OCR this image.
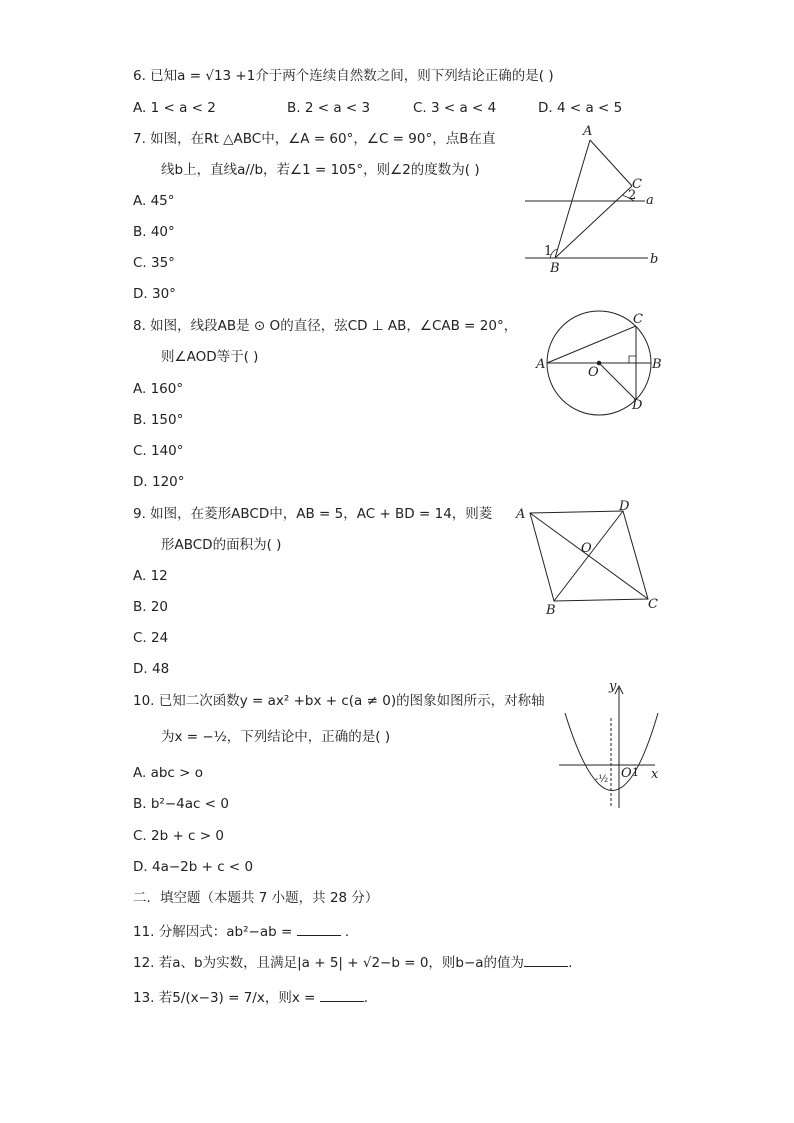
6. 已知a = √13 +1介于两个连续自然数之间，则下列结论正确的是( )
A. 1 < a < 2	B. 2 < a < 3	C. 3 < a < 4	D. 4 < a < 5
7. 如图，在Rt △ABC中，∠A = 60°，∠C = 90°，点B在直
线b上，直线a//b，若∠1 = 105°，则∠2的度数为( )
A. 45°
B. 40°
C. 35°
D. 30°
A
C
2 a
1
B
b
8. 如图，线段AB是 ⊙ O的直径，弦CD ⊥ AB，∠CAB = 20°，
则∠AOD等于( )
A. 160°
B. 150°
C. 140°
D. 120°
A
C
B
O
D
9. 如图，在菱形ABCD中，AB = 5，AC + BD = 14，则菱
形ABCD的面积为( )
A. 12
B. 20
C. 24
D. 48
A
D
O
B	C
10. 已知二次函数y = ax² +bx + c(a ≠ 0)的图象如图所示，对称轴
为x = −½，下列结论中，正确的是( )
A. abc > o
B. b²−4ac < 0
C. 2b + c > 0
D. 4a−2b + c < 0
y
x
O 1
-½
二．填空题（本题共 7 小题，共 28 分）
11. 分解因式：ab²−ab =	.
12. 若a、b为实数，且满足|a + 5| + √2−b = 0，则b−a的值为	.
13. 若5/(x−3) = 7/x，则x =	.
